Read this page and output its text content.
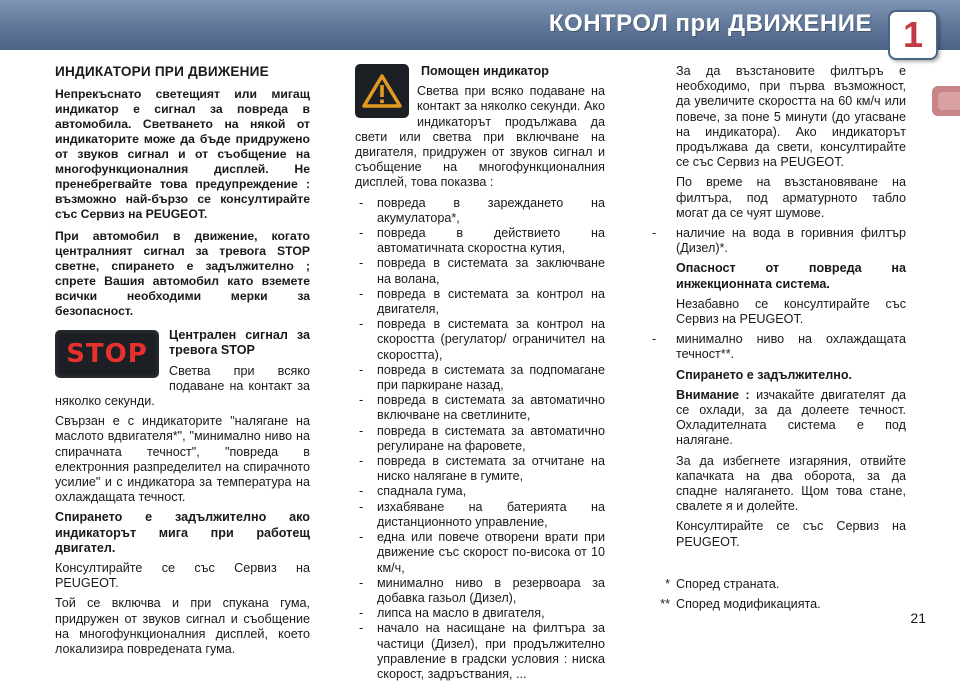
КОНТРОЛ при ДВИЖЕНИЕ 1
ИНДИКАТОРИ ПРИ ДВИЖЕНИЕ

Непрекъснато светещият или мигащ индикатор е сигнал за повреда в автомобила. Светването на някой от индикаторите може да бъде придружено от звуков сигнал и от съобщение на многофункционалния дисплей. Не пренебрегвайте това предупреждение : възможно най-бързо се консултирайте със Сервиз на PEUGEOT.

При автомобил в движение, когато централният сигнал за тревога STOP светне, спирането е задължително ; спрете Вашия автомобил като вземете всички необходими мерки за безопасност.

STOP

Централен сигнал за тревога STOP

Светва при всяко подаване на контакт за няколко секунди.

Свързан е с индикаторите "налягане на маслото вдвигателя*", "минимално ниво на спирачната течност", "повреда в електронния разпределител на спирачното усилие" и с индикатора за температура на охлаждащата течност.

Спирането е задължително ако индикаторът мига при работещ двигател.

Консултирайте се със Сервиз на PEUGEOT.

Той се включва и при спукана гума, придружен от звуков сигнал и съобщение на многофункционалния дисплей, което локализира повредената гума.

Помощен индикатор

Светва при всяко подаване на контакт за няколко секунди. Ако индикаторът продължава да свети или светва при включване на двигателя, придружен от звуков сигнал и съобщение на многофункционалния дисплей, това показва :

- повреда в зареждането на акумулатора*,
- повреда в действието на автоматичната скоростна кутия,
- повреда в системата за заключване на волана,
- повреда в системата за контрол на двигателя,
- повреда в системата за контрол на скоростта (регулатор/ ограничител на скоростта),
- повреда в системата за подпомагане при паркиране назад,
- повреда в системата за автоматично включване на светлините,
- повреда в системата за автоматично регулиране на фаровете,
- повреда в системата за отчитане на ниско налягане в гумите,
- спаднала гума,
- изхабяване на батерията на дистанционното управление,
- една или повече отворени врати при движение със скорост по-висока от 10 км/ч,
- минимално ниво в резервоара за добавка газьол (Дизел),
- липса на масло в двигателя,
- начало на насищане на филтъра за частици (Дизел), при продължително управление в градски условия : ниска скорост, задръствания, ...

За да възстановите филтъръ е необходимо, при първа възможност, да увеличите скоростта на 60 км/ч или повече, за поне 5 минути (до угасване на индикатора). Ако индикаторът продължава да свети, консултирайте се със Сервиз на PEUGEOT.

По време на възстановяване на филтъра, под арматурното табло могат да се чуят шумове.

- наличие на вода в горивния филтър (Дизел)*.

Опасност от повреда на инжекционната система.

Незабавно се консултирайте със Сервиз на PEUGEOT.

- минимално ниво на охлаждащата течност**.

Спирането е задължително.

Внимание : изчакайте двигателят да се охлади, за да долеете течност. Охладителната система е под налягане.

За да избегнете изгаряния, отвийте капачката на два оборота, за да спадне налягането. Щом това стане, свалете я и долейте.

Консултирайте се със Сервиз на PEUGEOT.

* Според страната.
** Според модификацията.
21
